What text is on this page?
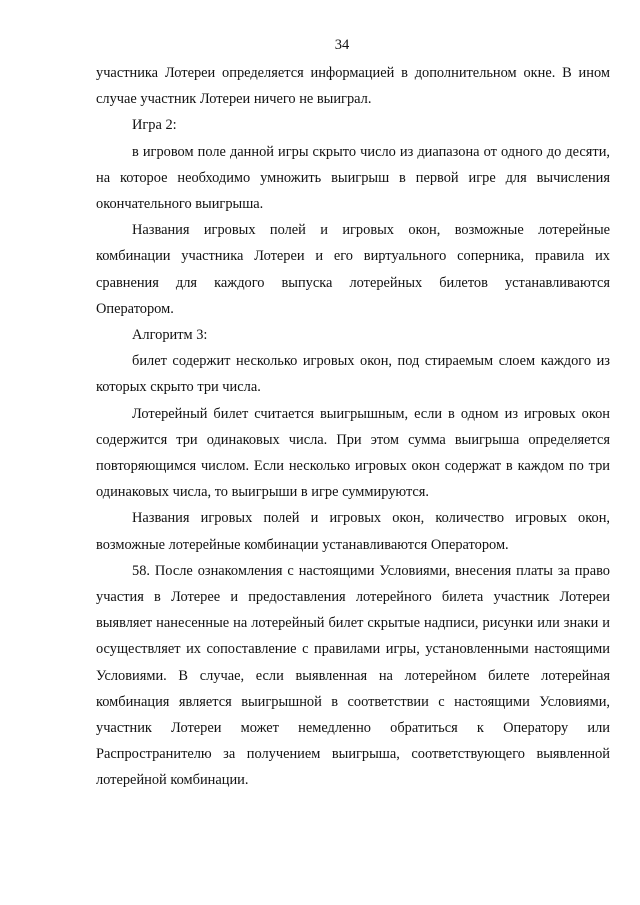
34

участника Лотереи определяется информацией в дополнительном окне. В ином случае участник Лотереи ничего не выиграл.

Игра 2:

в игровом поле данной игры скрыто число из диапазона от одного до десяти, на которое необходимо умножить выигрыш в первой игре для вычисления окончательного выигрыша.

Названия игровых полей и игровых окон, возможные лотерейные комбинации участника Лотереи и его виртуального соперника, правила их сравнения для каждого выпуска лотерейных билетов устанавливаются Оператором.

Алгоритм 3:

билет содержит несколько игровых окон, под стираемым слоем каждого из которых скрыто три числа.

Лотерейный билет считается выигрышным, если в одном из игровых окон содержится три одинаковых числа. При этом сумма выигрыша определяется повторяющимся числом. Если несколько игровых окон содержат в каждом по три одинаковых числа, то выигрыши в игре суммируются.

Названия игровых полей и игровых окон, количество игровых окон, возможные лотерейные комбинации устанавливаются Оператором.

58. После ознакомления с настоящими Условиями, внесения платы за право участия в Лотерее и предоставления лотерейного билета участник Лотереи выявляет нанесенные на лотерейный билет скрытые надписи, рисунки или знаки и осуществляет их сопоставление с правилами игры, установленными настоящими Условиями. В случае, если выявленная на лотерейном билете лотерейная комбинация является выигрышной в соответствии с настоящими Условиями, участник Лотереи может немедленно обратиться к Оператору или Распространителю за получением выигрыша, соответствующего выявленной лотерейной комбинации.
